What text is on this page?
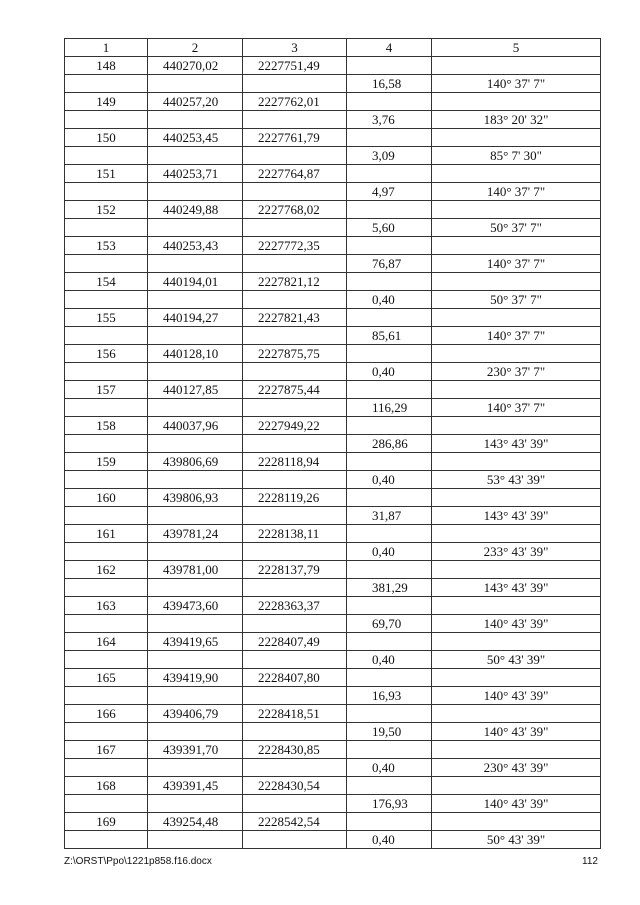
1	2	3	4	5
148	440270,02	2227751,49		
			16,58	140° 37' 7"
149	440257,20	2227762,01		
			3,76	183° 20' 32"
150	440253,45	2227761,79		
			3,09	85° 7' 30"
151	440253,71	2227764,87		
			4,97	140° 37' 7"
152	440249,88	2227768,02		
			5,60	50° 37' 7"
153	440253,43	2227772,35		
			76,87	140° 37' 7"
154	440194,01	2227821,12		
			0,40	50° 37' 7"
155	440194,27	2227821,43		
			85,61	140° 37' 7"
156	440128,10	2227875,75		
			0,40	230° 37' 7"
157	440127,85	2227875,44		
			116,29	140° 37' 7"
158	440037,96	2227949,22		
			286,86	143° 43' 39"
159	439806,69	2228118,94		
			0,40	53° 43' 39"
160	439806,93	2228119,26		
			31,87	143° 43' 39"
161	439781,24	2228138,11		
			0,40	233° 43' 39"
162	439781,00	2228137,79		
			381,29	143° 43' 39"
163	439473,60	2228363,37		
			69,70	140° 43' 39"
164	439419,65	2228407,49		
			0,40	50° 43' 39"
165	439419,90	2228407,80		
			16,93	140° 43' 39"
166	439406,79	2228418,51		
			19,50	140° 43' 39"
167	439391,70	2228430,85		
			0,40	230° 43' 39"
168	439391,45	2228430,54		
			176,93	140° 43' 39"
169	439254,48	2228542,54		
			0,40	50° 43' 39"
Z:\ORST\Ppo\1221p858.f16.docx	112
